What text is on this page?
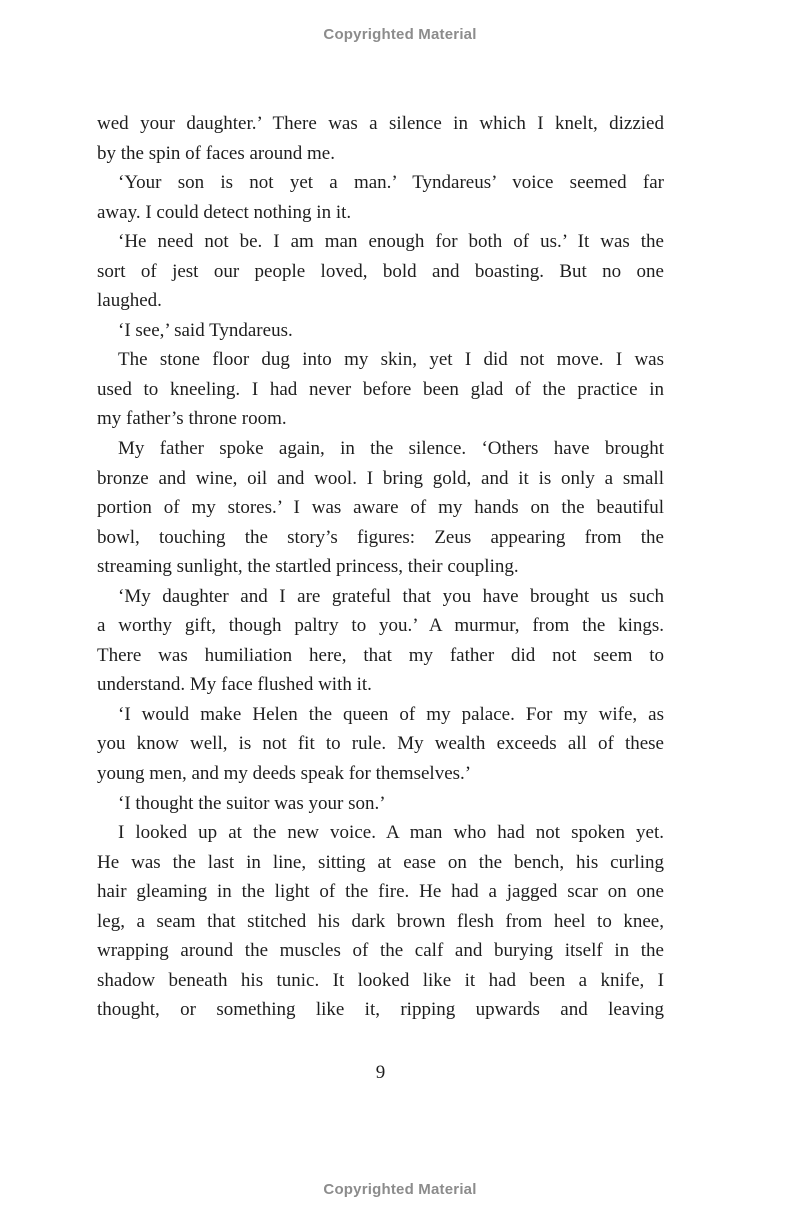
Copyrighted Material
wed your daughter.’ There was a silence in which I knelt, dizzied
by the spin of faces around me.
‘Your son is not yet a man.’ Tyndareus’ voice seemed far
away. I could detect nothing in it.
‘He need not be. I am man enough for both of us.’ It was the
sort of jest our people loved, bold and boasting. But no one
laughed.
‘I see,’ said Tyndareus.
The stone floor dug into my skin, yet I did not move. I was
used to kneeling. I had never before been glad of the practice in
my father’s throne room.
My father spoke again, in the silence. ‘Others have brought
bronze and wine, oil and wool. I bring gold, and it is only a small
portion of my stores.’ I was aware of my hands on the beautiful
bowl, touching the story’s figures: Zeus appearing from the
streaming sunlight, the startled princess, their coupling.
‘My daughter and I are grateful that you have brought us such
a worthy gift, though paltry to you.’ A murmur, from the kings.
There was humiliation here, that my father did not seem to
understand. My face flushed with it.
‘I would make Helen the queen of my palace. For my wife, as
you know well, is not fit to rule. My wealth exceeds all of these
young men, and my deeds speak for themselves.’
‘I thought the suitor was your son.’
I looked up at the new voice. A man who had not spoken yet.
He was the last in line, sitting at ease on the bench, his curling
hair gleaming in the light of the fire. He had a jagged scar on one
leg, a seam that stitched his dark brown flesh from heel to knee,
wrapping around the muscles of the calf and burying itself in the
shadow beneath his tunic. It looked like it had been a knife, I
thought, or something like it, ripping upwards and leaving
9
Copyrighted Material
